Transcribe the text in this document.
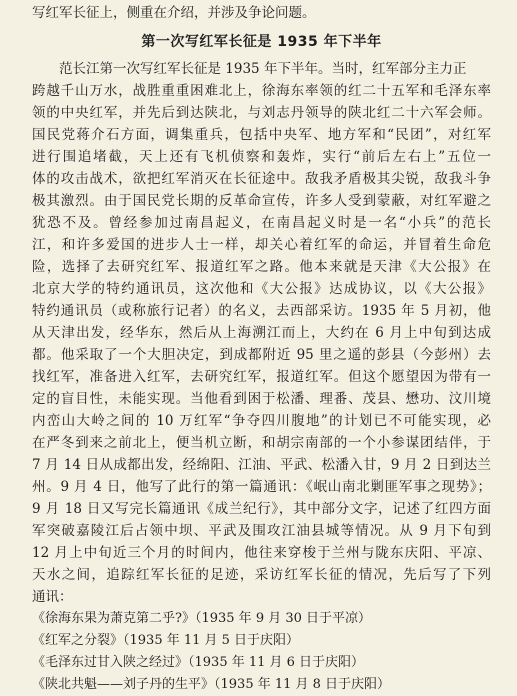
写红军长征上，侧重在介绍，并涉及争论问题。
第一次写红军长征是 1935 年下半年
　　范长江第一次写红军长征是 1935 年下半年。当时，红军部分主力正
跨越千山万水，战胜重重困难北上，徐海东率领的红二十五军和毛泽东率
领的中央红军，并先后到达陕北，与刘志丹领导的陕北红二十六军会师。
国民党蒋介石方面，调集重兵，包括中央军、地方军和“民团”，对红军
进行围追堵截，天上还有飞机侦察和轰炸，实行“前后左右上”五位一
体的攻击战术，欲把红军消灭在长征途中。敌我矛盾极其尖锐，敌我斗争
极其激烈。由于国民党长期的反革命宣传，许多人受到蒙蔽，对红军避之
犹恐不及。曾经参加过南昌起义，在南昌起义时是一名“小兵”的范长
江，和许多爱国的进步人士一样，却关心着红军的命运，并冒着生命危
险，选择了去研究红军、报道红军之路。他本来就是天津《大公报》在
北京大学的特约通讯员，这次他和《大公报》达成协议，以《大公报》
特约通讯员（或称旅行记者）的名义，去西部采访。1935 年 5 月初，他
从天津出发，经华东，然后从上海溯江而上，大约在 6 月上中旬到达成
都。他采取了一个大胆决定，到成都附近 95 里之遥的彭县（今彭州）去
找红军，准备进入红军，去研究红军，报道红军。但这个愿望因为带有一
定的盲目性，未能实现。当他看到困于松潘、理番、茂县、懋功、汶川境
内峦山大岭之间的 10 万红军“争夺四川腹地”的计划已不可能实现，必
在严冬到来之前北上，便当机立断，和胡宗南部的一个小参谋团结伴，于
7 月 14 日从成都出发，经绵阳、江油、平武、松潘入甘，9 月 2 日到达兰
州。9 月 4 日，他写了此行的第一篇通讯：《岷山南北剿匪军事之现势》；
9 月 18 日又写完长篇通讯《成兰纪行》，其中部分文字，记述了红四方面
军突破嘉陵江后占领中坝、平武及围攻江油县城等情况。从 9 月下旬到
12 月上中旬近三个月的时间内，他往来穿梭于兰州与陇东庆阳、平凉、
天水之间，追踪红军长征的足迹，采访红军长征的情况，先后写了下列
通讯：
《徐海东果为萧克第二乎?》（1935 年 9 月 30 日于平凉）
《红军之分裂》（1935 年 11 月 5 日于庆阳）
《毛泽东过甘入陕之经过》（1935 年 11 月 6 日于庆阳）
《陕北共魁——刘子丹的生平》（1935 年 11 月 8 日于庆阳）
